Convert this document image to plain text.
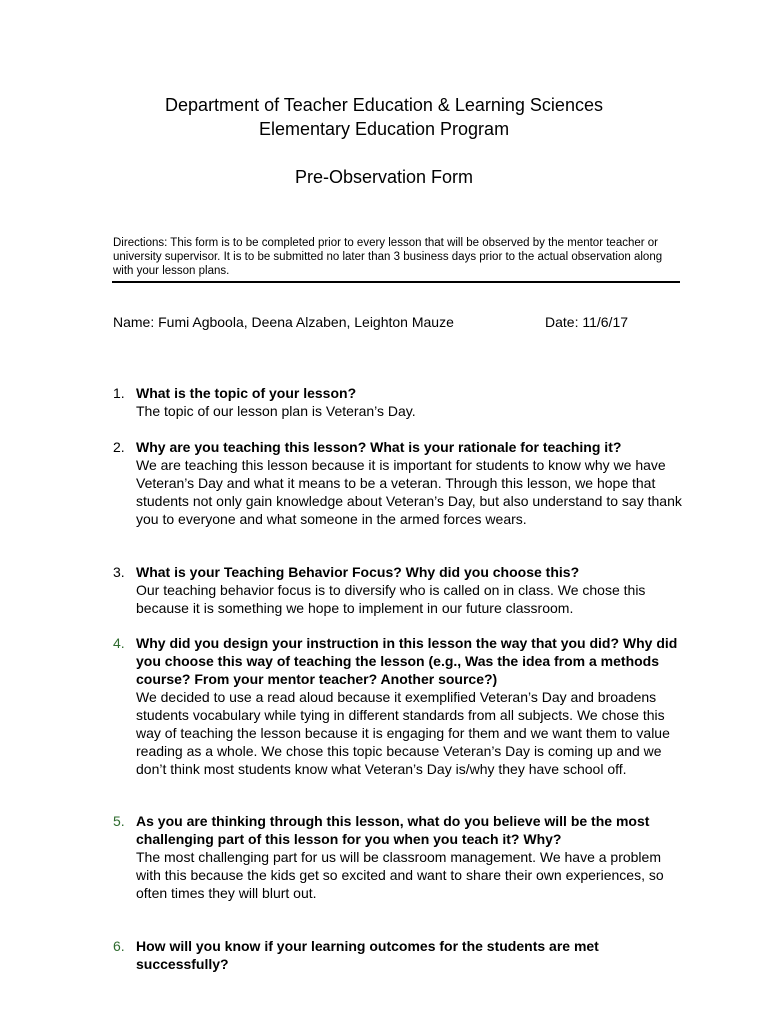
Department of Teacher Education & Learning Sciences
Elementary Education Program
Pre-Observation Form
Directions: This form is to be completed prior to every lesson that will be observed by the mentor teacher or university supervisor. It is to be submitted no later than 3 business days prior to the actual observation along with your lesson plans.
Name: Fumi Agboola, Deena Alzaben, Leighton Mauze	Date: 11/6/17
1. What is the topic of your lesson?
The topic of our lesson plan is Veteran’s Day.
2. Why are you teaching this lesson? What is your rationale for teaching it?
We are teaching this lesson because it is important for students to know why we have Veteran’s Day and what it means to be a veteran. Through this lesson, we hope that students not only gain knowledge about Veteran’s Day, but also understand to say thank you to everyone and what someone in the armed forces wears.
3. What is your Teaching Behavior Focus? Why did you choose this?
Our teaching behavior focus is to diversify who is called on in class. We chose this because it is something we hope to implement in our future classroom.
4. Why did you design your instruction in this lesson the way that you did? Why did you choose this way of teaching the lesson (e.g., Was the idea from a methods course? From your mentor teacher? Another source?)
We decided to use a read aloud because it exemplified Veteran’s Day and broadens students vocabulary while tying in different standards from all subjects. We chose this way of teaching the lesson because it is engaging for them and we want them to value reading as a whole. We chose this topic because Veteran’s Day is coming up and we don’t think most students know what Veteran’s Day is/why they have school off.
5. As you are thinking through this lesson, what do you believe will be the most challenging part of this lesson for you when you teach it? Why?
The most challenging part for us will be classroom management. We have a problem with this because the kids get so excited and want to share their own experiences, so often times they will blurt out.
6. How will you know if your learning outcomes for the students are met successfully?
